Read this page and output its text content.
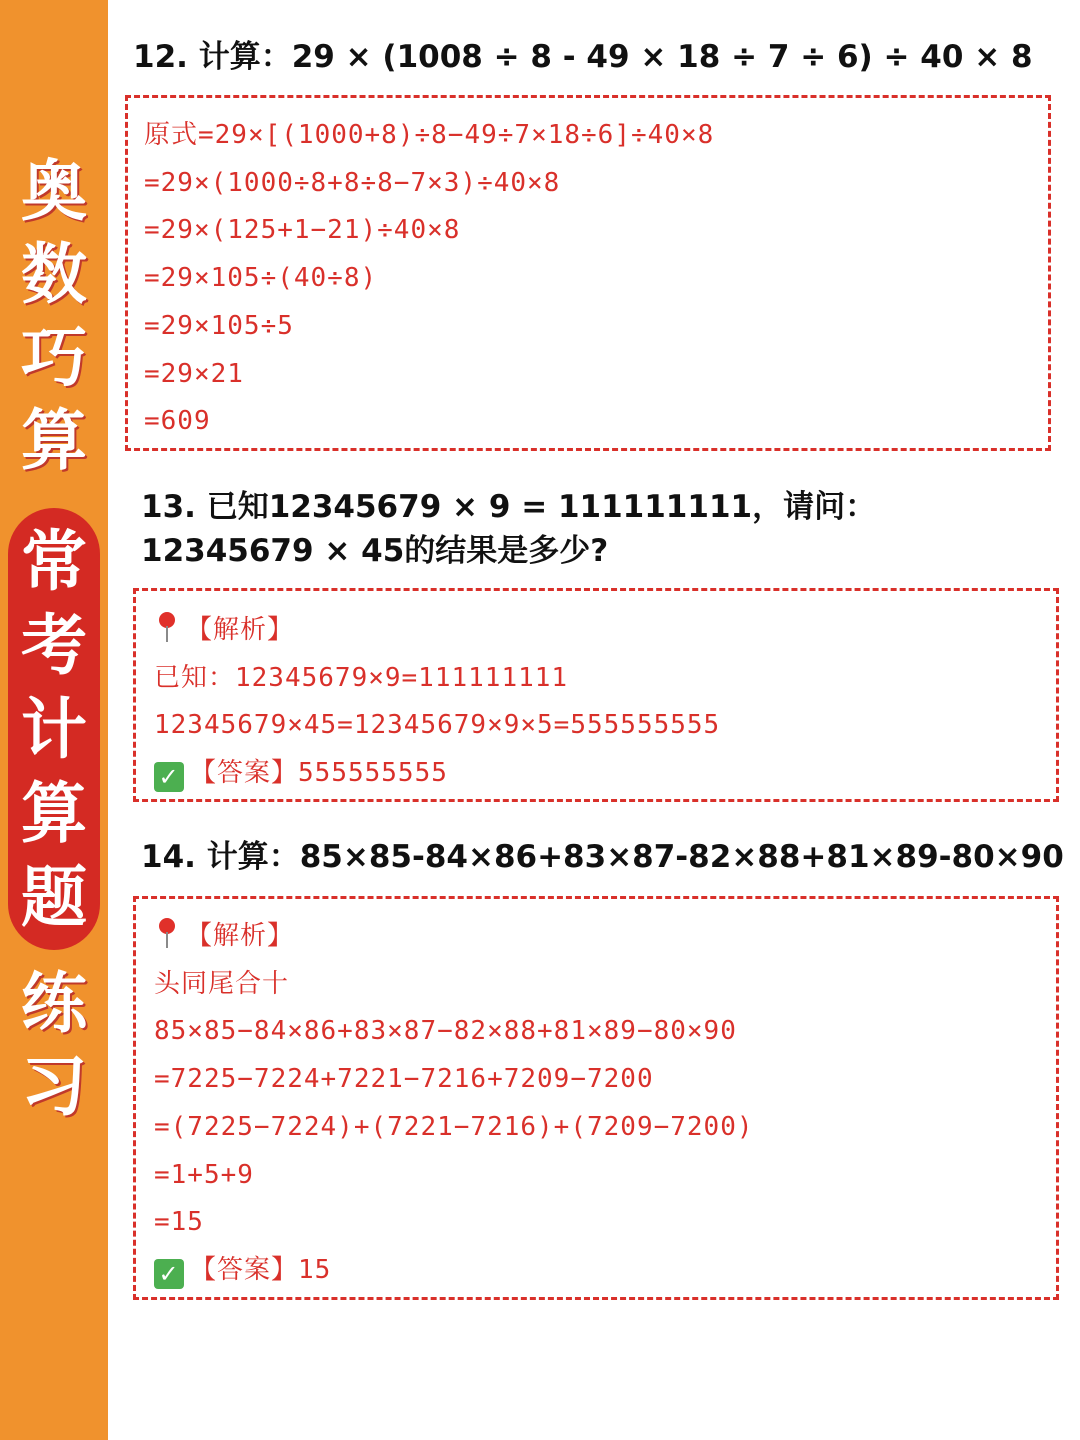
奥
数
巧
算
常
考
计
算
题
练
习
12. 计算：29 × (1008 ÷ 8 - 49 × 18 ÷ 7 ÷ 6) ÷ 40 × 8
原式=29×[(1000+8)÷8−49÷7×18÷6]÷40×8
=29×(1000÷8+8÷8−7×3)÷40×8
=29×(125+1−21)÷40×8
=29×105÷(40÷8)
=29×105÷5
=29×21
=609
13. 已知12345679 × 9 = 111111111，请问：12345679 × 45的结果是多少?
【解析】
已知：12345679×9=111111111
12345679×45=12345679×9×5=555555555
✓ 【答案】555555555
14. 计算：85×85-84×86+83×87-82×88+81×89-80×90
【解析】
头同尾合十
85×85−84×86+83×87−82×88+81×89−80×90
=7225−7224+7221−7216+7209−7200
=(7225−7224)+(7221−7216)+(7209−7200)
=1+5+9
=15
✓ 【答案】15
